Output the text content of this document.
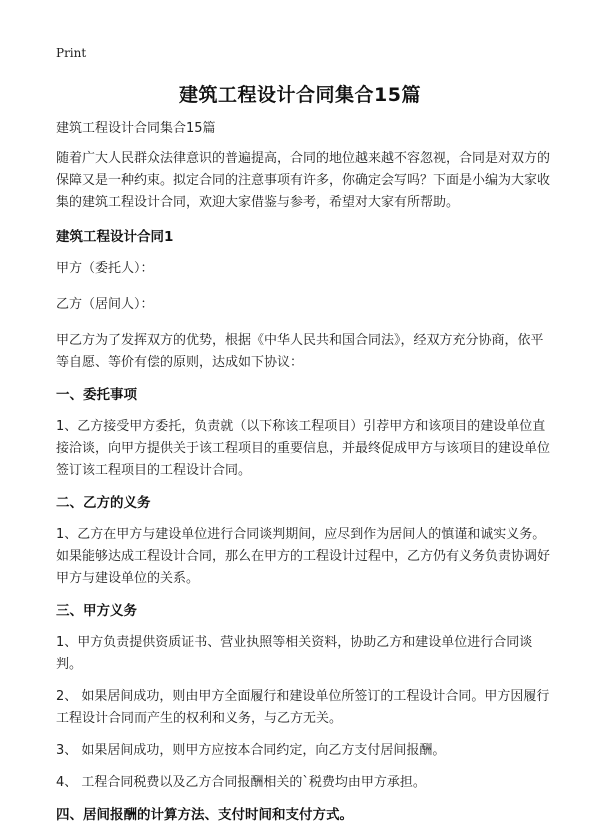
Print
建筑工程设计合同集合15篇

建筑工程设计合同集合15篇

随着广大人民群众法律意识的普遍提高，合同的地位越来越不容忽视，合同是对双方的保障又是一种约束。拟定合同的注意事项有许多，你确定会写吗？下面是小编为大家收集的建筑工程设计合同，欢迎大家借鉴与参考，希望对大家有所帮助。

建筑工程设计合同1

甲方（委托人）：

乙方（居间人）：

甲乙方为了发挥双方的优势，根据《中华人民共和国合同法》，经双方充分协商，依平等自愿、等价有偿的原则，达成如下协议：

一、委托事项

1、乙方接受甲方委托，负责就（以下称该工程项目）引荐甲方和该项目的建设单位直接洽谈，向甲方提供关于该工程项目的重要信息，并最终促成甲方与该项目的建设单位签订该工程项目的工程设计合同。

二、乙方的义务

1、乙方在甲方与建设单位进行合同谈判期间，应尽到作为居间人的慎谨和诚实义务。如果能够达成工程设计合同，那么在甲方的工程设计过程中，乙方仍有义务负责协调好甲方与建设单位的关系。

三、甲方义务

1、甲方负责提供资质证书、营业执照等相关资料，协助乙方和建设单位进行合同谈判。

2、 如果居间成功，则由甲方全面履行和建设单位所签订的工程设计合同。甲方因履行工程设计合同而产生的权利和义务，与乙方无关。

3、 如果居间成功，则甲方应按本合同约定，向乙方支付居间报酬。

4、 工程合同税费以及乙方合同报酬相关的`税费均由甲方承担。

四、居间报酬的计算方法、支付时间和支付方式。
